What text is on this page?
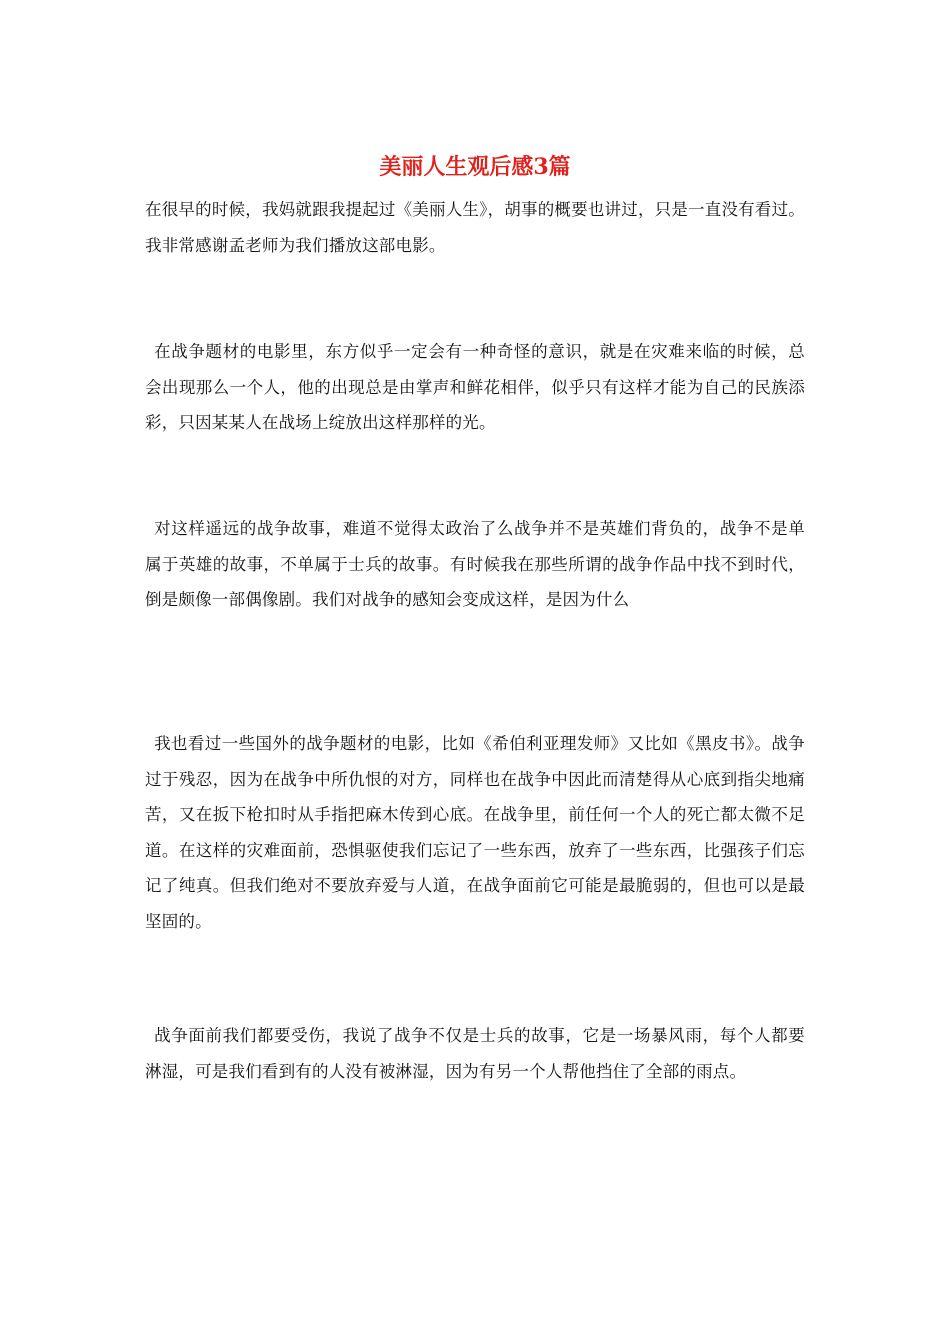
美丽人生观后感3篇

在很早的时候，我妈就跟我提起过《美丽人生》，胡事的概要也讲过，只是一直没有看过。我非常感谢孟老师为我们播放这部电影。

在战争题材的电影里，东方似乎一定会有一种奇怪的意识，就是在灾难来临的时候，总会出现那么一个人，他的出现总是由掌声和鲜花相伴，似乎只有这样才能为自己的民族添彩，只因某某人在战场上绽放出这样那样的光。

对这样遥远的战争故事，难道不觉得太政治了么战争并不是英雄们背负的，战争不是单属于英雄的故事，不单属于士兵的故事。有时候我在那些所谓的战争作品中找不到时代，倒是颇像一部偶像剧。我们对战争的感知会变成这样，是因为什么

我也看过一些国外的战争题材的电影，比如《希伯利亚理发师》又比如《黑皮书》。战争过于残忍，因为在战争中所仇恨的对方，同样也在战争中因此而清楚得从心底到指尖地痛苦，又在扳下枪扣时从手指把麻木传到心底。在战争里，前任何一个人的死亡都太微不足道。在这样的灾难面前，恐惧驱使我们忘记了一些东西，放弃了一些东西，比强孩子们忘记了纯真。但我们绝对不要放弃爱与人道，在战争面前它可能是最脆弱的，但也可以是最坚固的。

战争面前我们都要受伤，我说了战争不仅是士兵的故事，它是一场暴风雨，每个人都要淋湿，可是我们看到有的人没有被淋湿，因为有另一个人帮他挡住了全部的雨点。
